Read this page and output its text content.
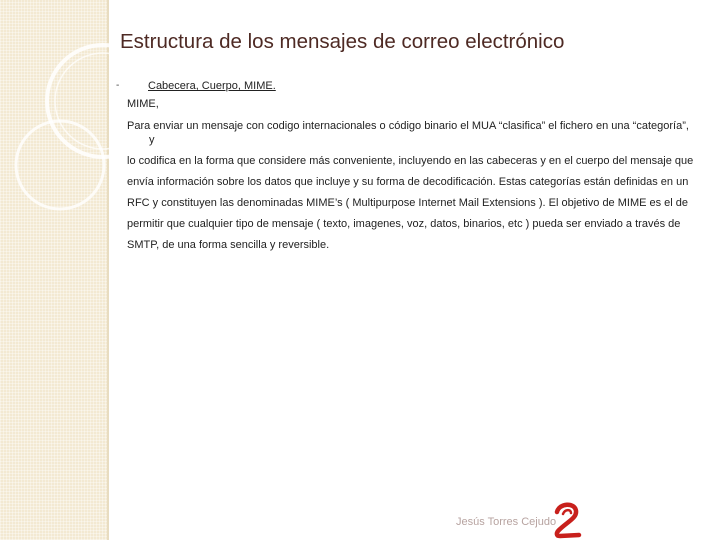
Estructura de los mensajes de correo electrónico
-	Cabecera, Cuerpo, MIME.

MIME,

Para enviar un mensaje con codigo internacionales o código binario el MUA “clasifica” el fichero en una “categoría”, y

lo codifica en la forma que considere más conveniente, incluyendo en las cabeceras y en el cuerpo del mensaje que

envía información sobre los datos que incluye y su forma de decodificación. Estas categorías están definidas en un

RFC y constituyen las denominadas MIME’s ( Multipurpose Internet Mail Extensions ). El objetivo de MIME es el de

permitir que cualquier tipo de mensaje ( texto, imagenes, voz, datos, binarios, etc ) pueda ser enviado a través de

SMTP, de una forma sencilla y reversible.

Jesús Torres Cejudo
